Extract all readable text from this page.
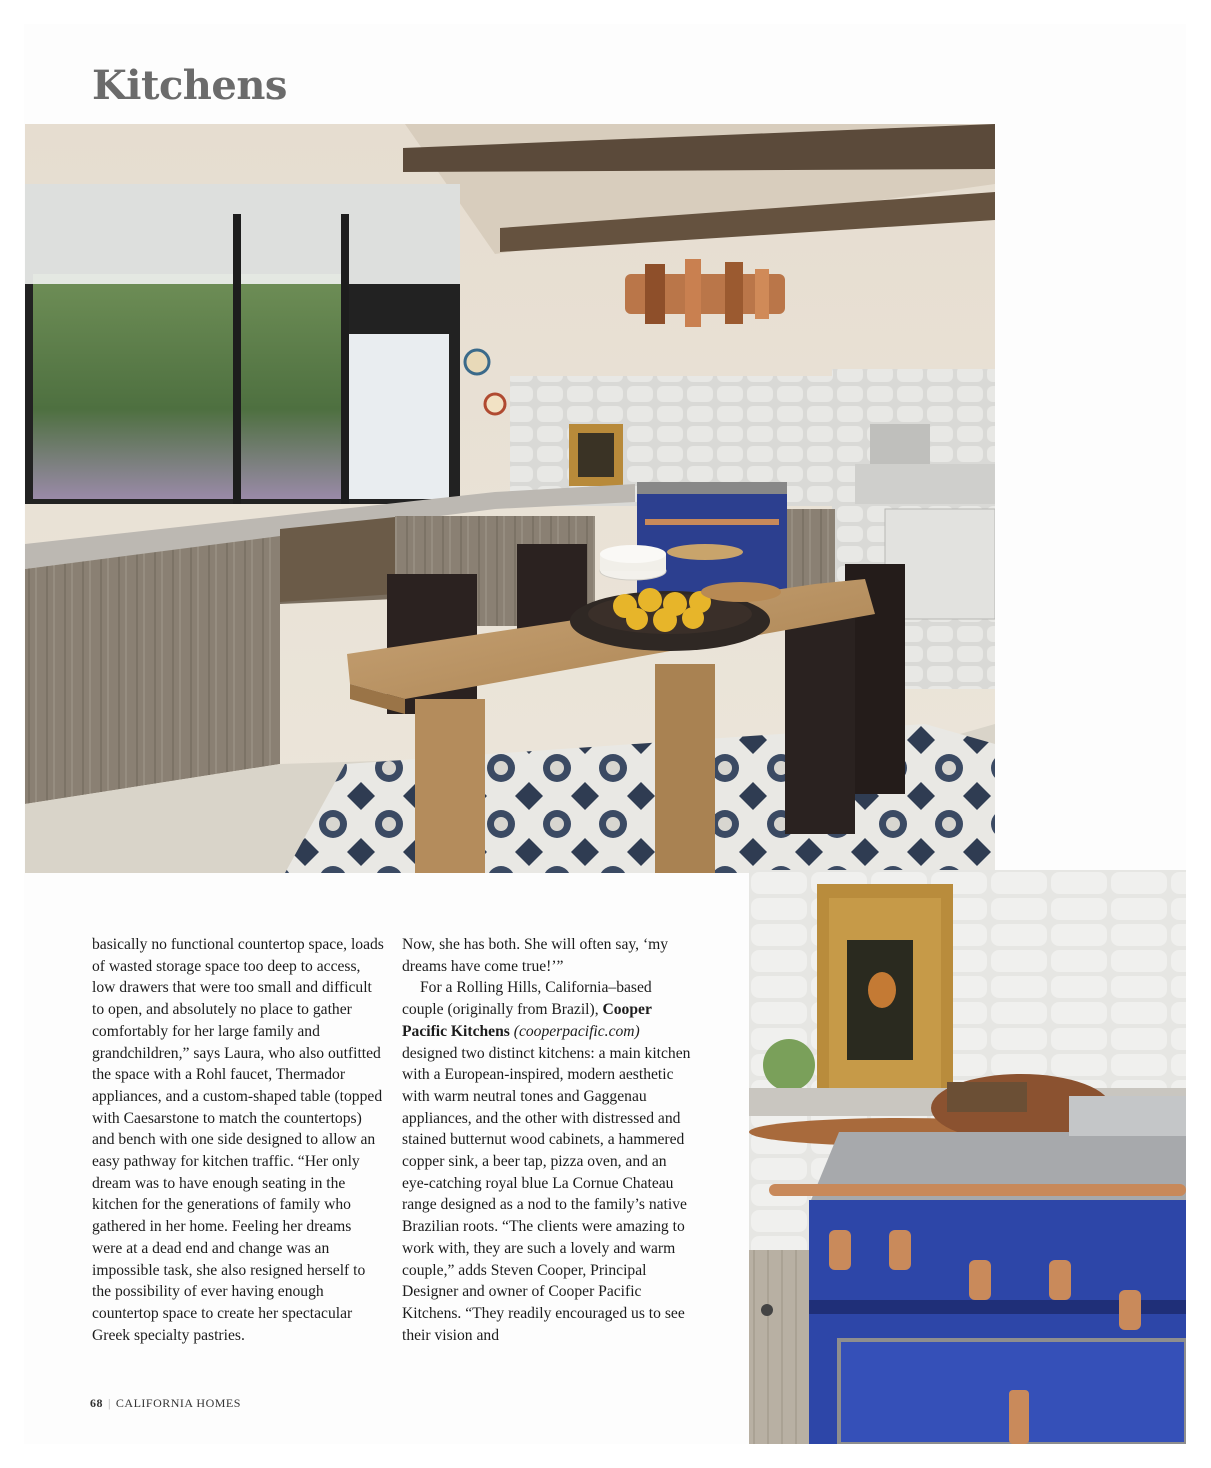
Kitchens

basically no functional countertop space, loads of wasted storage space too deep to access, low drawers that were too small and difficult to open, and absolutely no place to gather comfortably for her large family and grandchildren,” says Laura, who also outfitted the space with a Rohl faucet, Thermador appliances, and a custom-shaped table (topped with Caesarstone to match the countertops) and bench with one side designed to allow an easy pathway for kitchen traffic. “Her only dream was to have enough seating in the kitchen for the generations of family who gathered in her home. Feeling her dreams were at a dead end and change was an impossible task, she also resigned herself to the possibility of ever having enough countertop space to create her spectacular Greek specialty pastries.

Now, she has both. She will often say, ‘my dreams have come true!’”

For a Rolling Hills, California–based couple (originally from Brazil), Cooper Pacific Kitchens (cooperpacific.com) designed two distinct kitchens: a main kitchen with a European-inspired, modern aesthetic with warm neutral tones and Gaggenau appliances, and the other with distressed and stained butternut wood cabinets, a hammered copper sink, a beer tap, pizza oven, and an eye-catching royal blue La Cornue Chateau range designed as a nod to the family’s native Brazilian roots. “The clients were amazing to work with, they are such a lovely and warm couple,” adds Steven Cooper, Principal Designer and owner of Cooper Pacific Kitchens. “They readily encouraged us to see their vision and

68 | CALIFORNIA HOMES
